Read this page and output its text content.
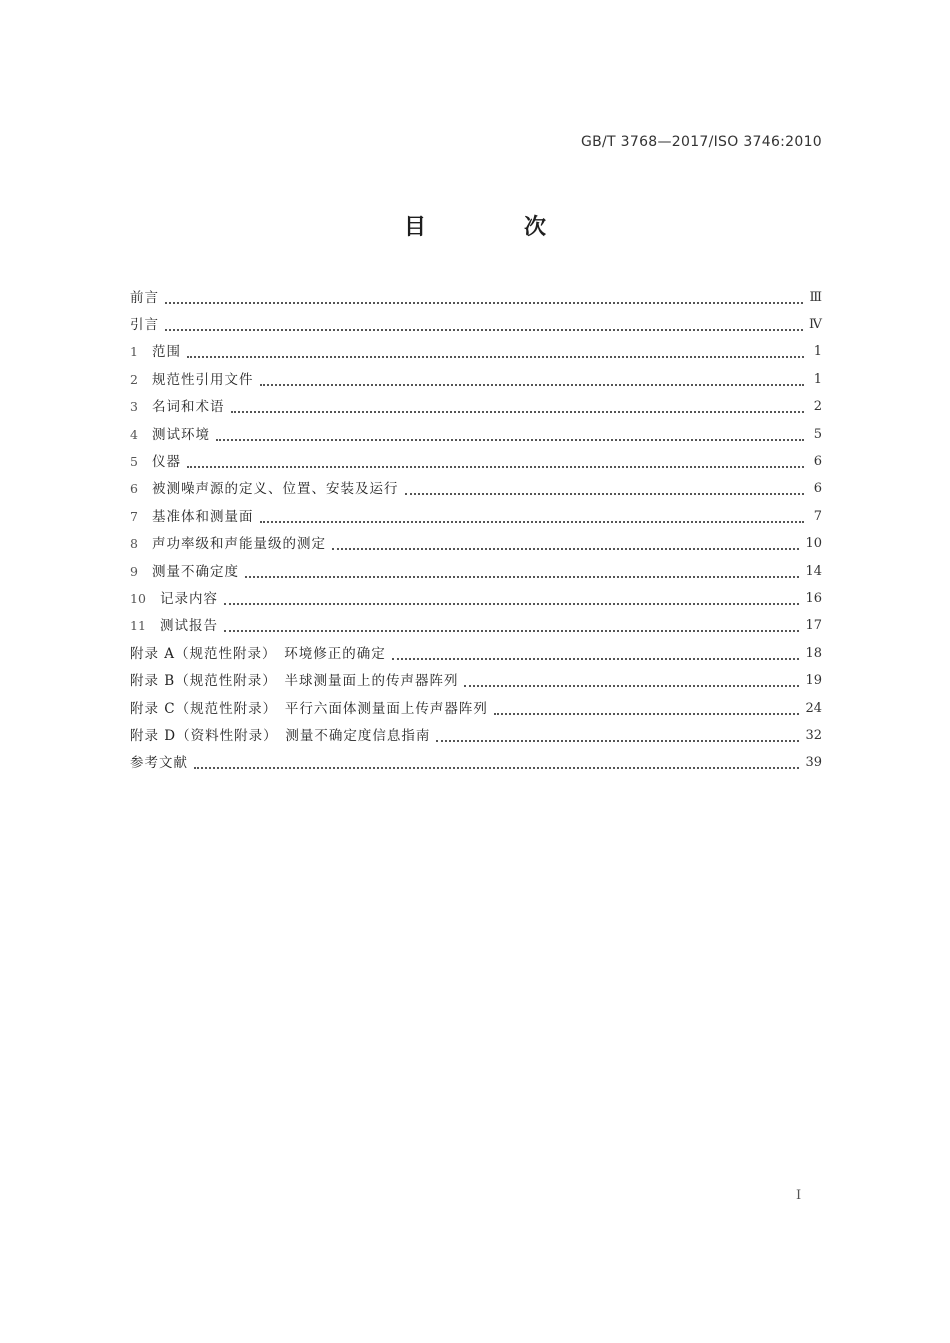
GB/T 3768—2017/ISO 3746:2010
目　次
前言	Ⅲ
引言	Ⅳ
1	范围	1
2	规范性引用文件	1
3	名词和术语	2
4	测试环境	5
5	仪器	6
6	被测噪声源的定义、位置、安装及运行	6
7	基准体和测量面	7
8	声功率级和声能量级的测定	10
9	测量不确定度	14
10	记录内容	16
11	测试报告	17
附录 A（规范性附录）　环境修正的确定	18
附录 B（规范性附录）　半球测量面上的传声器阵列	19
附录 C（规范性附录）　平行六面体测量面上传声器阵列	24
附录 D（资料性附录）　测量不确定度信息指南	32
参考文献	39
I
